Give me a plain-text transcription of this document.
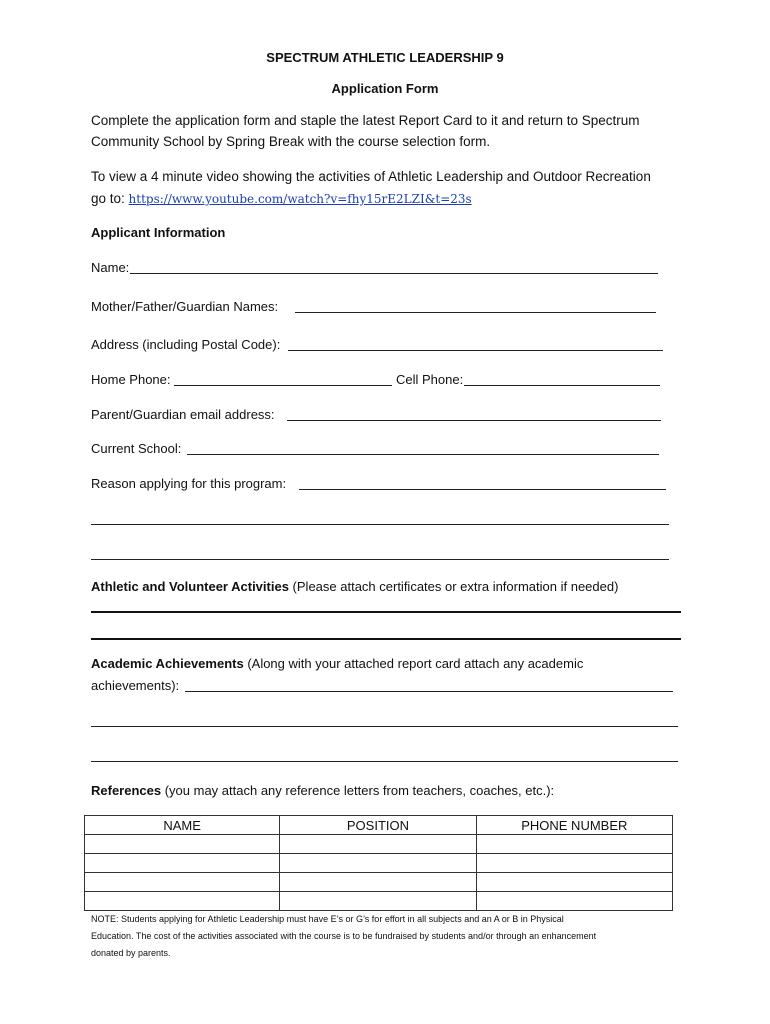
SPECTRUM ATHLETIC LEADERSHIP 9
Application Form
Complete the application form and staple the latest Report Card to it and return to Spectrum
Community School by Spring Break with the course selection form.
To view a 4 minute video showing the activities of Athletic Leadership and Outdoor Recreation
go to: https://www.youtube.com/watch?v=fhy15rE2LZI&t=23s
Applicant Information
Name:
Mother/Father/Guardian Names:
Address (including Postal Code):
Home Phone:	Cell Phone:
Parent/Guardian email address:
Current School:
Reason applying for this program:
Athletic and Volunteer Activities (Please attach certificates or extra information if needed)
Academic Achievements (Along with your attached report card attach any academic
achievements):
References (you may attach any reference letters from teachers, coaches, etc.):
NAME	POSITION	PHONE NUMBER

NOTE: Students applying for Athletic Leadership must have E’s or G’s for effort in all subjects and an A or B in Physical
Education. The cost of the activities associated with the course is to be fundraised by students and/or through an enhancement
donated by parents.
